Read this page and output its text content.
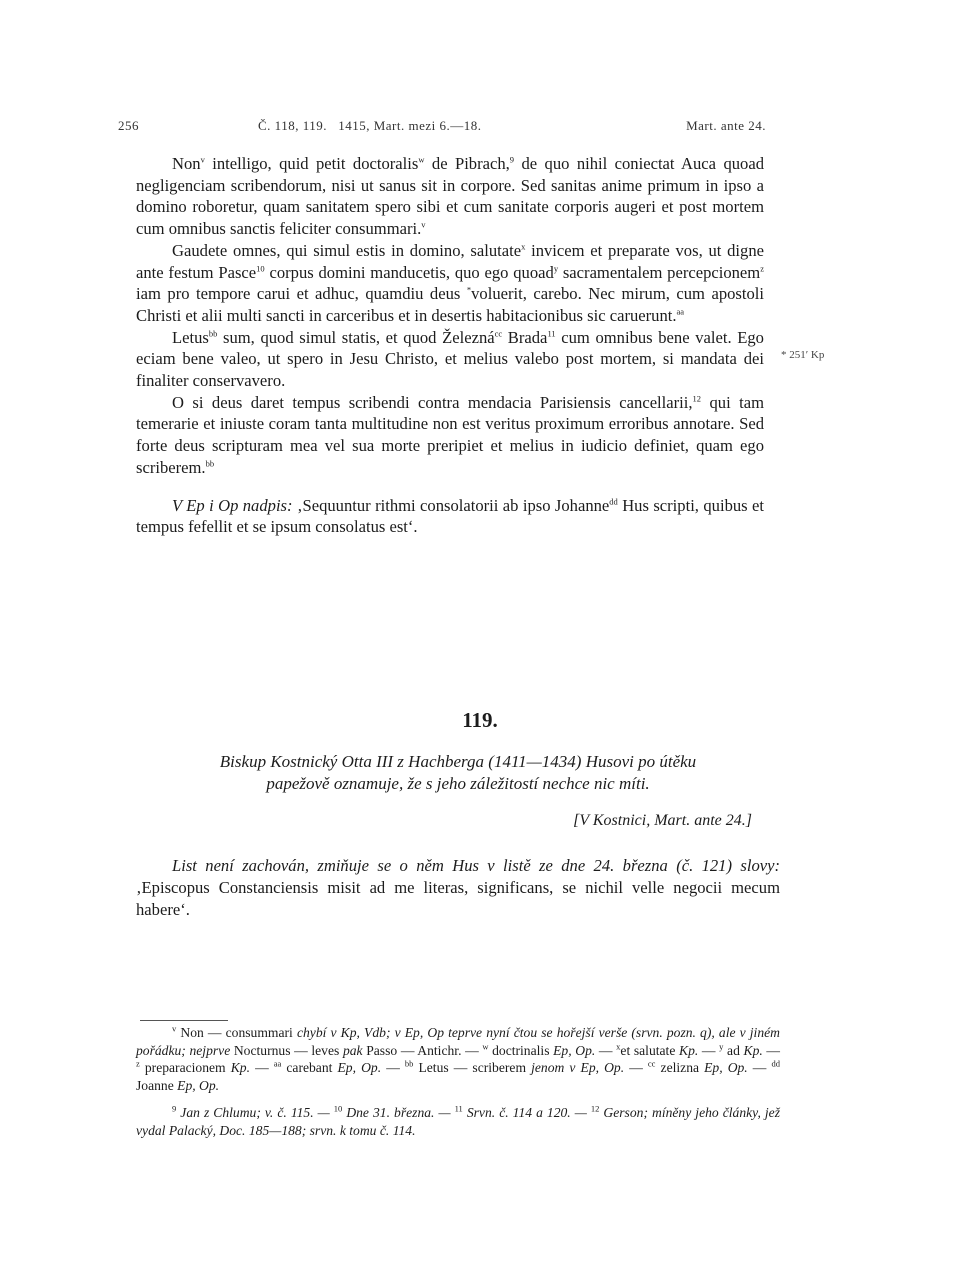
256	Č. 118, 119. 1415, Mart. mezi 6.—18.	Mart. ante 24.

Non$^v$ intelligo, quid petit doctoralis$^w$ de Pibrach,$^9$ de quo nihil coniectat Auca quoad negligenciam scribendorum, nisi ut sanus sit in corpore. Sed sanitas anime primum in ipso a domino roboretur, quam sanitatem spero sibi et cum sanitate corporis augeri et post mortem cum omnibus sanctis feliciter consummari.$^v$

Gaudete omnes, qui simul estis in domino, salutate$^x$ invicem et preparate vos, ut digne ante festum Pasce$^{10}$ corpus domini manducetis, quo ego quoad$^y$ sacramentalem percepcionem$^z$ iam pro tempore carui et adhuc, quamdiu deus *voluerit, carebo. Nec mirum, cum apostoli Christi et alii multi sancti in carceribus et in desertis habitacionibus sic caruerunt.$^{aa}$

Letus$^{bb}$ sum, quod simul statis, et quod Železná$^{cc}$ Brada$^{11}$ cum omnibus bene valet. Ego eciam bene valeo, ut spero in Jesu Christo, et melius valebo post mortem, si mandata dei finaliter conservavero.

O si deus daret tempus scribendi contra mendacia Parisiensis cancellarii,$^{12}$ qui tam temerarie et iniuste coram tanta multitudine non est veritus proximum erroribus annotare. Sed forte deus scripturam mea vel sua morte preripiet et melius in iudicio definiet, quam ego scriberem.$^{bb}$

V Ep i Op nadpis: ‚Sequuntur rithmi consolatorii ab ipso Johanne$^{dd}$ Hus scripti, quibus et tempus fefellit et se ipsum consolatus est‘.

* 251′ Kp
119.
Biskup Kostnický Otta III z Hachberga (1411—1434) Husovi po útěku
papežově oznamuje, že s jeho záležitostí nechce nic míti.
[V Kostnici, Mart. ante 24.]

List není zachován, zmiňuje se o něm Hus v listě ze dne 24. března (č. 121) slovy: ‚Episcopus Constanciensis misit ad me literas, significans, se nichil velle negocii mecum habere‘.

$^v$ Non — consummari chybí v Kp, Vdb; v Ep, Op teprve nyní čtou se hořejší verše (srvn. pozn. q), ale v jiném pořádku; nejprve Nocturnus — leves pak Passo — Antichr. — $^w$ doctrinalis Ep, Op. — $^x$et salutate Kp. — $^y$ ad Kp. — $^z$ preparacionem Kp. — $^{aa}$ carebant Ep, Op. — $^{bb}$ Letus — scriberem jenom v Ep, Op. — $^{cc}$ zelizna Ep, Op. — $^{dd}$ Joanne Ep, Op.

$^9$ Jan z Chlumu; v. č. 115. — $^{10}$ Dne 31. března. — $^{11}$ Srvn. č. 114 a 120. — $^{12}$ Gerson; míněny jeho články, jež vydal Palacký, Doc. 185—188; srvn. k tomu č. 114.
